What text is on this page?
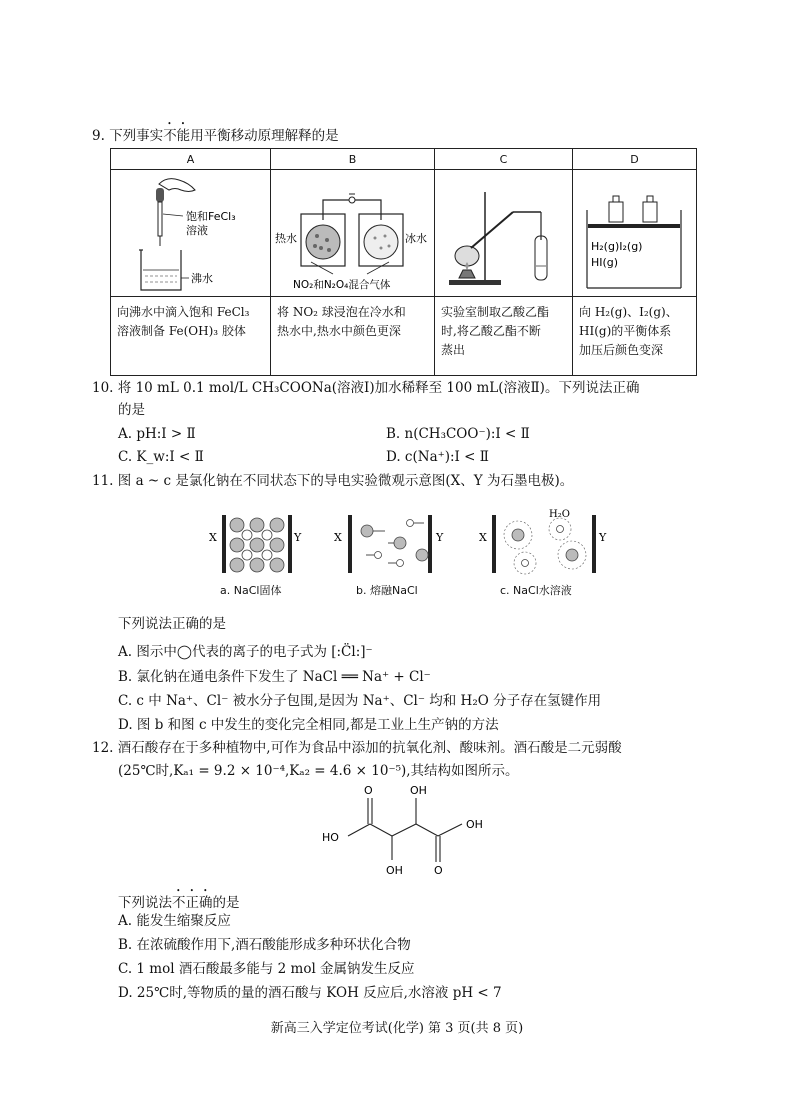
9. 下列事实不能用平衡移动原理解释的是
A	B	C	D

饱和FeCl₃
溶液
沸水	热水 冰水
NO₂和N₂O₄混合气体		H₂(g)I₂(g)
HI(g)

向沸水中滴入饱和 FeCl₃
溶液制备 Fe(OH)₃ 胶体	将 NO₂ 球浸泡在冷水和
热水中,热水中颜色更深	实验室制取乙酸乙酯
时,将乙酸乙酯不断
蒸出	向 H₂(g)、I₂(g)、
HI(g)的平衡体系
加压后颜色变深
10. 将 10 mL 0.1 mol/L CH₃COONa(溶液Ⅰ)加水稀释至 100 mL(溶液Ⅱ)。下列说法正确
的是
A. pH:Ⅰ > Ⅱ	B. n(CH₃COO⁻):Ⅰ < Ⅱ
C. K_w:Ⅰ < Ⅱ	D. c(Na⁺):Ⅰ < Ⅱ
11. 图 a ~ c 是氯化钠在不同状态下的导电实验微观示意图(X、Y 为石墨电极)。
X	Y	X	Y	X	Y
H₂O
a. NaCl固体	b. 熔融NaCl	c. NaCl水溶液
下列说法正确的是
A. 图示中◯代表的离子的电子式为 [:C̈l:]⁻
B. 氯化钠在通电条件下发生了 NaCl ══ Na⁺ + Cl⁻
C. c 中 Na⁺、Cl⁻ 被水分子包围,是因为 Na⁺、Cl⁻ 均和 H₂O 分子存在氢键作用
D. 图 b 和图 c 中发生的变化完全相同,都是工业上生产钠的方法
12. 酒石酸存在于多种植物中,可作为食品中添加的抗氧化剂、酸味剂。酒石酸是二元弱酸
(25℃时,Kₐ₁ = 9.2 × 10⁻⁴,Kₐ₂ = 4.6 × 10⁻⁵),其结构如图所示。
O	OH
HO
OH
OH	O
下列说法不正确的是
A. 能发生缩聚反应
B. 在浓硫酸作用下,酒石酸能形成多种环状化合物
C. 1 mol 酒石酸最多能与 2 mol 金属钠发生反应
D. 25℃时,等物质的量的酒石酸与 KOH 反应后,水溶液 pH < 7
新高三入学定位考试(化学) 第 3 页(共 8 页)
